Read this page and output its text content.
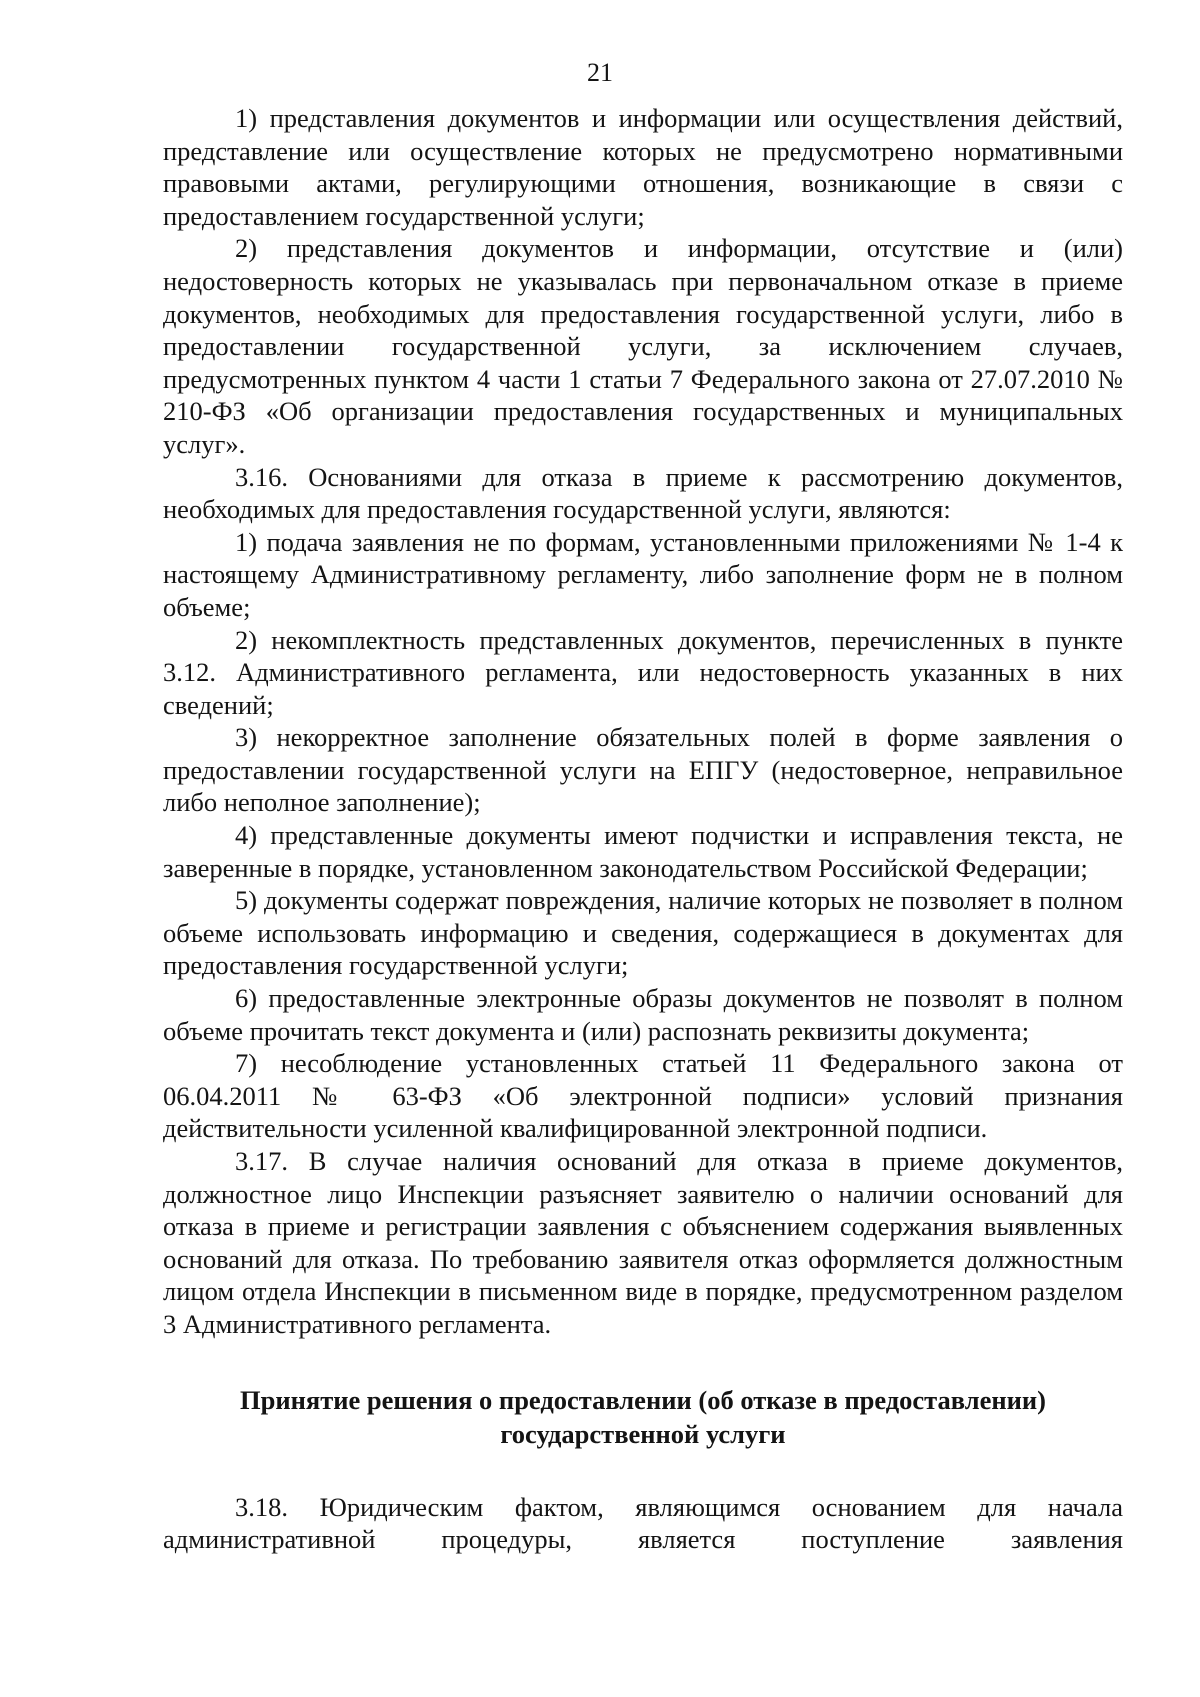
21

1) представления документов и информации или осуществления действий, представление или осуществление которых не предусмотрено нормативными правовыми актами, регулирующими отношения, возникающие в связи с предоставлением государственной услуги;

2) представления документов и информации, отсутствие и (или) недостоверность которых не указывалась при первоначальном отказе в приеме документов, необходимых для предоставления государственной услуги, либо в предоставлении государственной услуги, за исключением случаев, предусмотренных пунктом 4 части 1 статьи 7 Федерального закона от 27.07.2010 № 210-ФЗ «Об организации предоставления государственных и муниципальных услуг».

3.16. Основаниями для отказа в приеме к рассмотрению документов, необходимых для предоставления государственной услуги, являются:

1) подача заявления не по формам, установленными приложениями № 1-4 к настоящему Административному регламенту, либо заполнение форм не в полном объеме;

2) некомплектность представленных документов, перечисленных в пункте 3.12. Административного регламента, или недостоверность указанных в них сведений;

3) некорректное заполнение обязательных полей в форме заявления о предоставлении государственной услуги на ЕПГУ (недостоверное, неправильное либо неполное заполнение);

4) представленные документы имеют подчистки и исправления текста, не заверенные в порядке, установленном законодательством Российской Федерации;

5) документы содержат повреждения, наличие которых не позволяет в полном объеме использовать информацию и сведения, содержащиеся в документах для предоставления государственной услуги;

6) предоставленные электронные образы документов не позволят в полном объеме прочитать текст документа и (или) распознать реквизиты документа;

7) несоблюдение установленных статьей 11 Федерального закона от 06.04.2011 № 63-ФЗ «Об электронной подписи» условий признания действительности усиленной квалифицированной электронной подписи.

3.17. В случае наличия оснований для отказа в приеме документов, должностное лицо Инспекции разъясняет заявителю о наличии оснований для отказа в приеме и регистрации заявления с объяснением содержания выявленных оснований для отказа. По требованию заявителя отказ оформляется должностным лицом отдела Инспекции в письменном виде в порядке, предусмотренном разделом 3 Административного регламента.

Принятие решения о предоставлении (об отказе в предоставлении)
государственной услуги

3.18. Юридическим фактом, являющимся основанием для начала административной процедуры, является поступление заявления
